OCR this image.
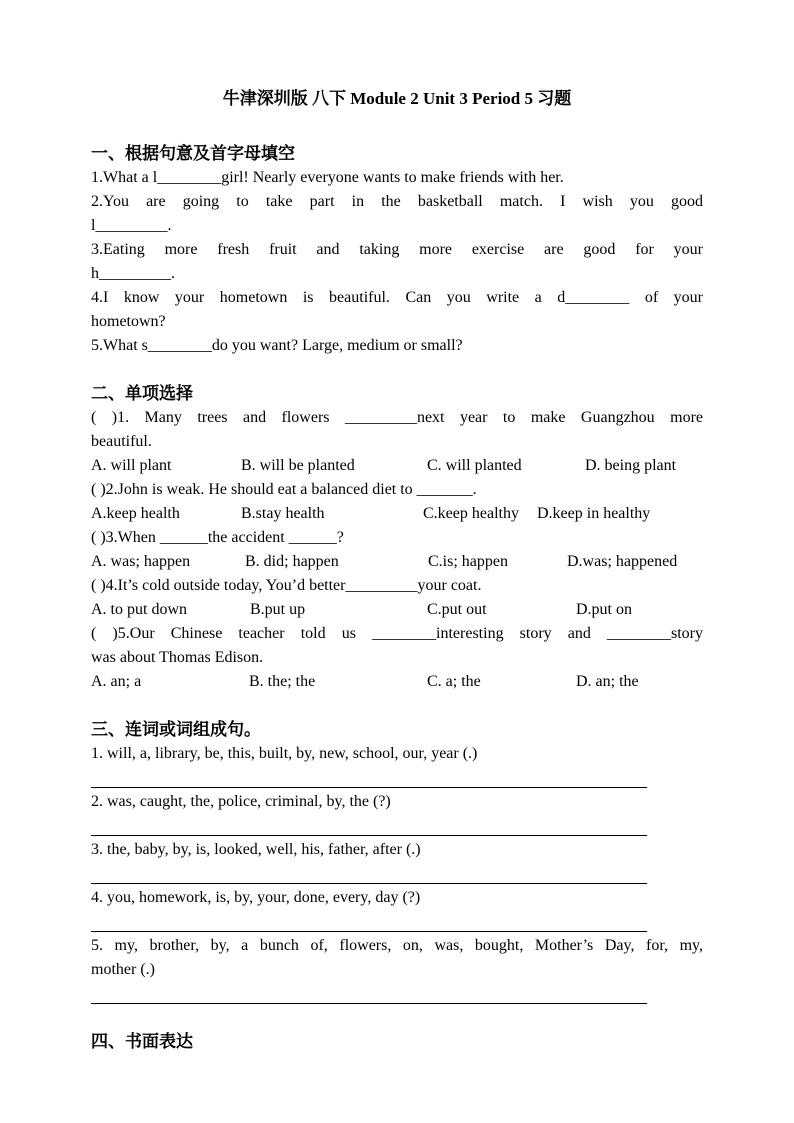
牛津深圳版 八下 Module 2 Unit 3 Period 5 习题
一、根据句意及首字母填空
1.What a l________girl! Nearly everyone wants to make friends with her.
2.You are going to take part in the basketball match. I wish you good
l_________.
3.Eating more fresh fruit and taking more exercise are good for your
h_________.
4.I know your hometown is beautiful. Can you write a d________ of your
hometown?
5.What s________do you want? Large, medium or small?
二、单项选择
( )1. Many trees and flowers _________next year to make Guangzhou more
beautiful.
A. will plant	B. will be planted	C. will planted	D. being plant
( )2.John is weak. He should eat a balanced diet to _______.
A.keep health	B.stay health	C.keep healthy D.keep in healthy
( )3.When ______the accident ______?
A. was; happen	B. did; happen	C.is; happen	D.was; happened
( )4.It’s cold outside today, You’d better_________your coat.
A. to put down	B.put up	C.put out	D.put on
( )5.Our Chinese teacher told us ________interesting story and ________story
was about Thomas Edison.
A. an; a	B. the; the	C. a; the	D. an; the
三、连词或词组成句。
1. will, a, library, be, this, built, by, new, school, our, year (.)
2. was, caught, the, police, criminal, by, the (?)
3. the, baby, by, is, looked, well, his, father, after (.)
4. you, homework, is, by, your, done, every, day (?)
5. my, brother, by, a bunch of, flowers, on, was, bought, Mother’s Day, for, my,
mother (.)
四、书面表达
